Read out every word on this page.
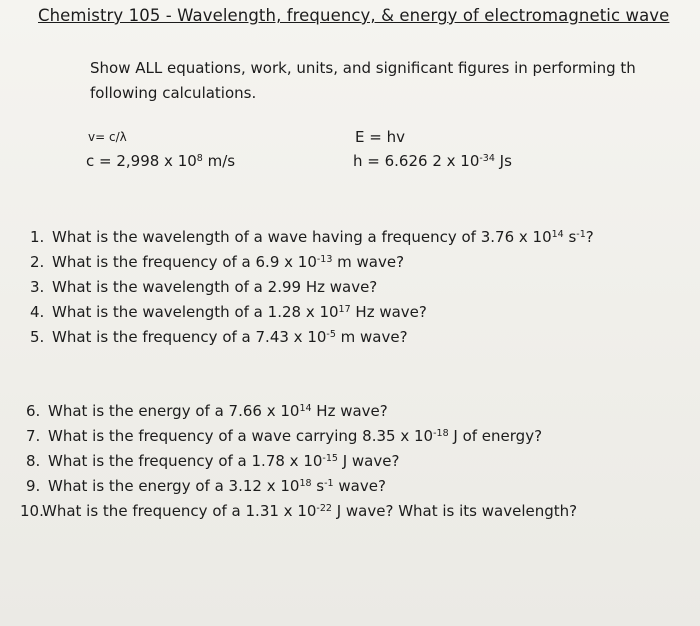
Chemistry 105 - Wavelength, frequency, & energy of electromagnetic wave
Show ALL equations, work, units, and significant figures in performing th
following calculations.
v= c/λ
c = 2,998 x $10^8$ m/s
E = hv
h = 6.626 2 x $10^{-34}$ Js
1. What is the wavelength of a wave having a frequency of 3.76 x $10^{14}$ $s^{-1}$?
2. What is the frequency of a 6.9 x $10^{-13}$ m wave?
3. What is the wavelength of a 2.99 Hz wave?
4. What is the wavelength of a 1.28 x $10^{17}$ Hz wave?
5. What is the frequency of a 7.43 x $10^{-5}$ m wave?
6. What is the energy of a 7.66 x $10^{14}$ Hz wave?
7. What is the frequency of a wave carrying 8.35 x $10^{-18}$ J of energy?
8. What is the frequency of a 1.78 x $10^{-15}$ J wave?
9. What is the energy of a 3.12 x $10^{18}$ $s^{-1}$ wave?
10.What is the frequency of a 1.31 x $10^{-22}$ J wave? What is its wavelength?
